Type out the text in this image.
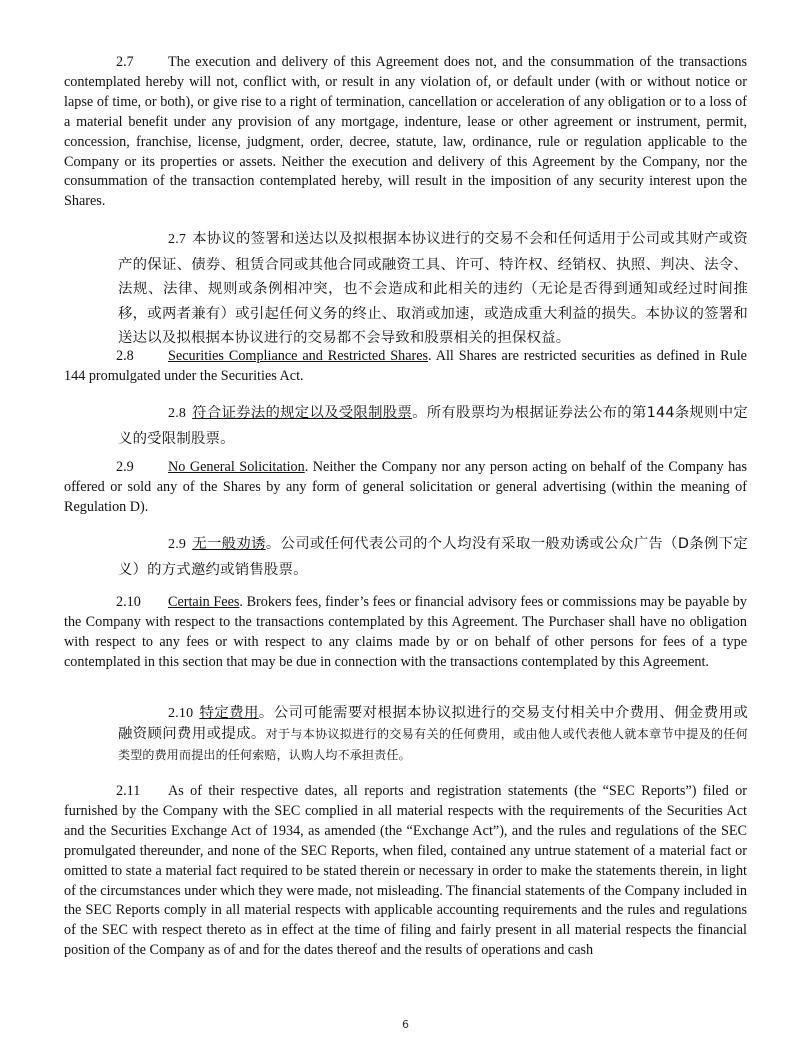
2.7 The execution and delivery of this Agreement does not, and the consummation of the transactions contemplated hereby will not, conflict with, or result in any violation of, or default under (with or without notice or lapse of time, or both), or give rise to a right of termination, cancellation or acceleration of any obligation or to a loss of a material benefit under any provision of any mortgage, indenture, lease or other agreement or instrument, permit, concession, franchise, license, judgment, order, decree, statute, law, ordinance, rule or regulation applicable to the Company or its properties or assets. Neither the execution and delivery of this Agreement by the Company, nor the consummation of the transaction contemplated hereby, will result in the imposition of any security interest upon the Shares.
2.7 本协议的签署和送达以及拟根据本协议进行的交易不会和任何适用于公司或其财产或资产的保证、债券、租赁合同或其他合同或融资工具、许可、特许权、经销权、执照、判决、法令、法规、法律、规则或条例相冲突，也不会造成和此相关的违约（无论是否得到通知或经过时间推移，或两者兼有）或引起任何义务的终止、取消或加速，或造成重大利益的损失。本协议的签署和送达以及拟根据本协议进行的交易都不会导致和股票相关的担保权益。
2.8 Securities Compliance and Restricted Shares. All Shares are restricted securities as defined in Rule 144 promulgated under the Securities Act.
2.8 符合证券法的规定以及受限制股票。所有股票均为根据证券法公布的第144条规则中定义的受限制股票。
2.9 No General Solicitation. Neither the Company nor any person acting on behalf of the Company has offered or sold any of the Shares by any form of general solicitation or general advertising (within the meaning of Regulation D).
2.9 无一般劝诱。公司或任何代表公司的个人均没有采取一般劝诱或公众广告（D条例下定义）的方式邀约或销售股票。
2.10 Certain Fees. Brokers fees, finder’s fees or financial advisory fees or commissions may be payable by the Company with respect to the transactions contemplated by this Agreement. The Purchaser shall have no obligation with respect to any fees or with respect to any claims made by or on behalf of other persons for fees of a type contemplated in this section that may be due in connection with the transactions contemplated by this Agreement.
2.10 特定费用。公司可能需要对根据本协议拟进行的交易支付相关中介费用、佣金费用或融资顾问费用或提成。对于与本协议拟进行的交易有关的任何费用，或由他人或代表他人就本章节中提及的任何类型的费用而提出的任何索赔，认购人均不承担责任。
2.11 As of their respective dates, all reports and registration statements (the “SEC Reports”) filed or furnished by the Company with the SEC complied in all material respects with the requirements of the Securities Act and the Securities Exchange Act of 1934, as amended (the “Exchange Act”), and the rules and regulations of the SEC promulgated thereunder, and none of the SEC Reports, when filed, contained any untrue statement of a material fact or omitted to state a material fact required to be stated therein or necessary in order to make the statements therein, in light of the circumstances under which they were made, not misleading. The financial statements of the Company included in the SEC Reports comply in all material respects with applicable accounting requirements and the rules and regulations of the SEC with respect thereto as in effect at the time of filing and fairly present in all material respects the financial position of the Company as of and for the dates thereof and the results of operations and cash
6
